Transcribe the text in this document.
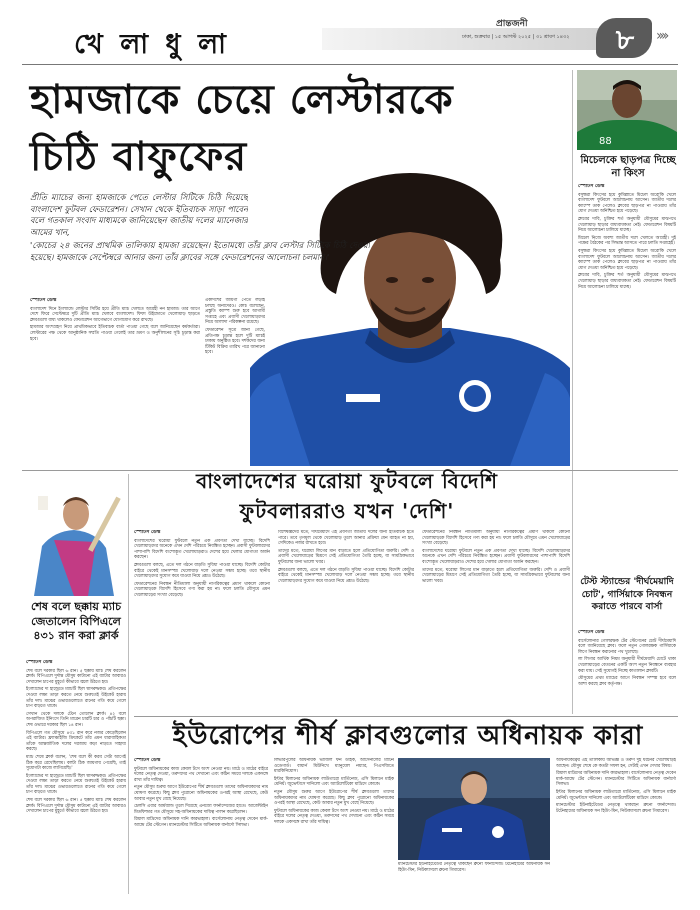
খে লা ধু লা
প্রান্তজনী
ঢাকা, শুক্রবার | ১৫ আগস্ট ২০২৫ | ৩১ শ্রাবণ ১৪৩২ ৮	››››
হামজাকে চেয়ে লেস্টারকে
চিঠি বাফুফের

প্রীতি ম্যাচের জন্য হামজাকে পেতে লেস্টার সিটিকে চিঠি দিয়েছে বাংলাদেশ ফুটবল ফেডারেশন। সেখান থেকে ইতিবাচক সাড়া পাবেন বলে গতকাল সংবাদ মাধ্যমকে জানিয়েছেন জাতীয় দলের ম্যানেজার আমের খান,

'কোচের ২৪ জনের প্রাথমিক তালিকায় হামজা রয়েছেন। ইতোমধ্যে তাঁর ক্লাব লেস্টার সিটিকে চিঠি দেওয়া হয়েছে। হামজাকে সেপ্টেম্বরে আনার জন্য তাঁর ক্লাবের সঙ্গে ফেডারেশনের আলোচনা চলমান।'

স্পোর্টস ডেস্ক

বাংলাদেশ দিনে ইংল্যান্ডে লেস্টার সিটির হয়ে প্রীতি ম্যাচ খেলতে আগ্রহী নন হামজা। তার আগে দেশে ফিরে সেপ্টেম্বরে দুটি প্রীতি ম্যাচ খেলবে বাংলাদেশ। ফিফা উইন্ডোতে খেলোয়াড় ছাড়তে ক্লাবগুলো বাধ্য থাকলেও ফেডারেশন আগেভাগে যোগাযোগ করে রাখছে।

হামজার অংশগ্রহণ নিয়ে প্রাথমিকভাবে ইতিবাচক বার্তা পাওয়া গেছে বলে জানিয়েছেন কর্মকর্তারা। লেস্টারের পক্ষ থেকে আনুষ্ঠানিক সম্মতি পাওয়া গেলেই তার ভ্রমণ ও অনুশীলনের সূচি চূড়ান্ত করা হবে।

একাদশের জায়গা পেতে লড়াই চলছে অন্যদেরও। কোচ বলেছেন, প্রস্তুতি ক্যাম্প শুরু হবে আগামী সপ্তাহে এবং প্রবাসী খেলোয়াড়দের নিয়ে আলাদা পরিকল্পনা রয়েছে।

ফেডারেশন সূত্রে জানা গেছে, প্রতিপক্ষ চূড়ান্ত হলে দুটি ম্যাচই ঢাকায় অনুষ্ঠিত হবে। দর্শকদের জন্য টিকিট বিক্রির তারিখ পরে জানানো হবে।

88
মিচেলকে ছাড়পত্র দিচ্ছে না কিংস
স্পোর্টস ডেস্ক

বসুন্ধরা কিংসের হয়ে কুমিল্লাতে মিচেল অরোকি খেলে বাংলাদেশ ফুটবলে আলোচনায় আসেন। জাতীয় দলের ক্যাম্পে ডাক পেলেও ক্লাবের ছাড়পত্র না পাওয়ায় তাঁর যোগ দেওয়া অনিশ্চিত হয়ে পড়েছে।

ক্লাবের দাবি, চুক্তির শর্ত অনুযায়ী মৌসুমের মাঝপথে খেলোয়াড় ছাড়ার বাধ্যবাধকতা নেই। ফেডারেশন বিষয়টি নিয়ে আলোচনা চালিয়ে যাচ্ছে।

মিচেল নিজে অবশ্য জাতীয় দলে খেলতে আগ্রহী। দুই পক্ষের বৈঠকের পর সিদ্ধান্ত আসতে পারে চলতি সপ্তাহেই।

বসুন্ধরা কিংসের হয়ে কুমিল্লাতে মিচেল অরোকি খেলে বাংলাদেশ ফুটবলে আলোচনায় আসেন। জাতীয় দলের ক্যাম্পে ডাক পেলেও ক্লাবের ছাড়পত্র না পাওয়ায় তাঁর যোগ দেওয়া অনিশ্চিত হয়ে পড়েছে।

ক্লাবের দাবি, চুক্তির শর্ত অনুযায়ী মৌসুমের মাঝপথে খেলোয়াড় ছাড়ার বাধ্যবাধকতা নেই। ফেডারেশন বিষয়টি নিয়ে আলোচনা চালিয়ে যাচ্ছে।

বাংলাদেশের ঘরোয়া ফুটবলে বিদেশি
ফুটবলাররাও যখন 'দেশি'
স্পোর্টস ডেস্ক

বাংলাদেশের ঘরোয়া ফুটবলে নতুন এক প্রবণতা দেখা যাচ্ছে। বিদেশি খেলোয়াড়দের অনেকে এখন দেশি পরিচয়ে নিবন্ধিত হচ্ছেন। প্রবাসী ফুটবলারদের পাশাপাশি বিদেশি বংশোদ্ভূত খেলোয়াড়রাও দেশের হয়ে খেলার যোগ্যতা অর্জন করছেন।

ক্লাবগুলো বলছে, এতে দল গঠনে বাড়তি সুবিধা পাওয়া যাচ্ছে। বিদেশি কোটার বাইরে থেকেই মানসম্পন্ন খেলোয়াড় দলে নেওয়া সম্ভব হচ্ছে। তবে স্থানীয় খেলোয়াড়দের সুযোগ কমে যাওয়া নিয়ে প্রশ্নও উঠেছে।

ফেডারেশনের নিবন্ধন নীতিমালা অনুযায়ী নাগরিকত্বের প্রমাণ থাকলে কোনো খেলোয়াড়কে বিদেশি হিসেবে গণ্য করা হয় না। ফলে চলতি মৌসুমে এমন খেলোয়াড়ের সংখ্যা বেড়েছে।

বিশেষজ্ঞদের মতে, দীর্ঘমেয়াদে এই প্রবণতা জাতীয় দলের জন্য ইতিবাচক হতে পারে। তবে তৃণমূল থেকে খেলোয়াড় তুলে আনার প্রক্রিয়া যেন ব্যাহত না হয়, সেদিকেও নজর রাখতে হবে।

তাদের মতে, ঘরোয়া লিগের মান বাড়াতে হলে প্রতিযোগিতা জরুরি। দেশি ও প্রবাসী খেলোয়াড়ের মিশ্রণে সেই প্রতিযোগিতা তৈরি হচ্ছে, যা সামগ্রিকভাবে ফুটবলের জন্য ভালো খবর।

ক্লাবগুলো বলছে, এতে দল গঠনে বাড়তি সুবিধা পাওয়া যাচ্ছে। বিদেশি কোটার বাইরে থেকেই মানসম্পন্ন খেলোয়াড় দলে নেওয়া সম্ভব হচ্ছে। তবে স্থানীয় খেলোয়াড়দের সুযোগ কমে যাওয়া নিয়ে প্রশ্নও উঠেছে।

ফেডারেশনের নিবন্ধন নীতিমালা অনুযায়ী নাগরিকত্বের প্রমাণ থাকলে কোনো খেলোয়াড়কে বিদেশি হিসেবে গণ্য করা হয় না। ফলে চলতি মৌসুমে এমন খেলোয়াড়ের সংখ্যা বেড়েছে।

বাংলাদেশের ঘরোয়া ফুটবলে নতুন এক প্রবণতা দেখা যাচ্ছে। বিদেশি খেলোয়াড়দের অনেকে এখন দেশি পরিচয়ে নিবন্ধিত হচ্ছেন। প্রবাসী ফুটবলারদের পাশাপাশি বিদেশি বংশোদ্ভূত খেলোয়াড়রাও দেশের হয়ে খেলার যোগ্যতা অর্জন করছেন।

তাদের মতে, ঘরোয়া লিগের মান বাড়াতে হলে প্রতিযোগিতা জরুরি। দেশি ও প্রবাসী খেলোয়াড়ের মিশ্রণে সেই প্রতিযোগিতা তৈরি হচ্ছে, যা সামগ্রিকভাবে ফুটবলের জন্য ভালো খবর।

শেষ বলে ছক্কায় ম্যাচ জেতালেন বিপিএলে ৪৩১ রান করা ক্লার্ক
স্পোর্টস ডেস্ক

শেষ বলে দরকার ছিল ৬ রান। ৫ ছক্কায় ম্যাচ শেষ করলেন ক্লার্ক। বিপিএলে দুর্দান্ত মৌসুম কাটানো এই ব্যাটার আবারও দেখালেন চাপের মুহূর্তে কীভাবে জ্বলে উঠতে হয়।

ইংল্যান্ডের দ্য হান্ড্রেডে ম্যাচটি ছিল শ্বাসরুদ্ধকর। প্রতিপক্ষের দেওয়া লক্ষ্য তাড়া করতে নেমে শুরুতেই উইকেট হারায় তাঁর দল। মাঝের ওভারগুলোতে রানের গতি কমে গেলে চাপ বাড়তে থাকে।

সেখান থেকে দলকে টেনে তোলেন ক্লার্ক। ৪২ বলে অপরাজিত ইনিংসে তিনি মারেন চারটি চার ও পাঁচটি ছক্কা। শেষ ওভারে দরকার ছিল ১৪ রান।

বিপিএলে গত মৌসুমে ৪৩১ রান করে নজর কেড়েছিলেন এই ব্যাটার। ফ্র্যাঞ্চাইজি ক্রিকেটে তাঁর এমন ধারাবাহিকতা তাঁকে আন্তর্জাতিক দলের দরজায় কড়া নাড়তে সাহায্য করছে।

ম্যাচ শেষে ক্লার্ক বলেন, 'শেষ বলে কী করব সেটা আগেই ঠিক করে রেখেছিলাম। বলটা ঠিক জায়গায় পেয়েছি, তাই সুযোগটা কাজে লাগিয়েছি।'

ইংল্যান্ডের দ্য হান্ড্রেডে ম্যাচটি ছিল শ্বাসরুদ্ধকর। প্রতিপক্ষের দেওয়া লক্ষ্য তাড়া করতে নেমে শুরুতেই উইকেট হারায় তাঁর দল। মাঝের ওভারগুলোতে রানের গতি কমে গেলে চাপ বাড়তে থাকে।

শেষ বলে দরকার ছিল ৬ রান। ৫ ছক্কায় ম্যাচ শেষ করলেন ক্লার্ক। বিপিএলে দুর্দান্ত মৌসুম কাটানো এই ব্যাটার আবারও দেখালেন চাপের মুহূর্তে কীভাবে জ্বলে উঠতে হয়।

টেস্ট স্ট্যান্ডের 'দীর্ঘমেয়াদি চোট', গার্সিয়াকে নিবন্ধন করাতে পারবে বার্সা
স্পোর্টস ডেস্ক

বার্সেলোনার গোলরক্ষক টের স্টেগেনের চোট দীর্ঘমেয়াদি বলে জানিয়েছে ক্লাব। ফলে নতুন গোলরক্ষক গার্সিয়াকে লিগে নিবন্ধন করানোর পথ খুলেছে।

লা লিগার আর্থিক নিয়ম অনুযায়ী দীর্ঘমেয়াদি চোটে থাকা খেলোয়াড়ের বেতনের একটি অংশ নতুন নিবন্ধনে ব্যবহার করা যায়। সেই সুযোগই নিচ্ছে কাতালান ক্লাবটি।

মৌসুমের প্রথম ম্যাচের আগে নিবন্ধন সম্পন্ন হবে বলে আশা করছে ক্লাব কর্তৃপক্ষ।

ইউরোপের শীর্ষ ক্লাবগুলোর অধিনায়ক কারা
স্পোর্টস ডেস্ক

ফুটবলে অধিনায়কের কাজ কেবল টসে অংশ নেওয়া নয়। মাঠে ও মাঠের বাইরে দলের নেতৃত্ব দেওয়া, তরুণদের পথ দেখানো এবং কঠিন সময়ে দলকে একসঙ্গে রাখা তাঁর দায়িত্ব।

নতুন মৌসুম শুরুর আগে ইউরোপের শীর্ষ ক্লাবগুলো তাদের অধিনায়কদের নাম ঘোষণা করেছে। কিছু ক্লাব পুরোনো অধিনায়কের ওপরই আস্থা রেখেছে, কেউ আবার নতুন মুখ বেছে নিয়েছে।

চেলসি এবার আর্মব্যান্ড তুলে দিয়েছে এনজো ফার্নান্দেজের হাতে। আর্জেন্টাইন মিডফিল্ডার গত মৌসুমে সহ-অধিনায়কের দায়িত্ব পালন করেছিলেন।

রিয়াল মাদ্রিদের অধিনায়ক দানি কারভাহাল। বার্সেলোনায় নেতৃত্ব দেবেন মার্ক-আন্দ্রে টের স্টেগেন। ম্যানচেস্টার সিটিতে অধিনায়ক বার্নার্দো সিলভা।

লিভারপুলের অধিনায়ক ভার্জিল ফন ডাইক, আর্সেনালের মার্টিন ওডেগার্ড। বায়ার্ন মিউনিখে ম্যানুয়েল নয়্যার, পিএসজিতে মারকিনিয়োস।

ইন্টার মিলানের অধিনায়ক লাউতারো মার্তিনেজ, এসি মিলানে মাইক মেনিয়ঁ। জুভেন্টাসে দানিলো এবং অ্যাটলেটিকো মাদ্রিদে কোকে।

নতুন মৌসুম শুরুর আগে ইউরোপের শীর্ষ ক্লাবগুলো তাদের অধিনায়কদের নাম ঘোষণা করেছে। কিছু ক্লাব পুরোনো অধিনায়কের ওপরই আস্থা রেখেছে, কেউ আবার নতুন মুখ বেছে নিয়েছে।

ফুটবলে অধিনায়কের কাজ কেবল টসে অংশ নেওয়া নয়। মাঠে ও মাঠের বাইরে দলের নেতৃত্ব দেওয়া, তরুণদের পথ দেখানো এবং কঠিন সময়ে দলকে একসঙ্গে রাখা তাঁর দায়িত্ব।

ম্যানচেস্টার ইউনাইটেডের নেতৃত্বে থাকছেন ব্রুনো ফার্নান্দেজ। টটেনহামের অধিনায়ক সন হিউং-মিন, নিউক্যাসলে ব্রুনো গিমারেস।

অধিনায়কত্বের এই তালিকায় অভিজ্ঞ ও তরুণ দুই ধরনের খেলোয়াড়ই আছেন। মৌসুম শেষে কে কতটা সফল হন, সেটাই এখন দেখার বিষয়।

রিয়াল মাদ্রিদের অধিনায়ক দানি কারভাহাল। বার্সেলোনায় নেতৃত্ব দেবেন মার্ক-আন্দ্রে টের স্টেগেন। ম্যানচেস্টার সিটিতে অধিনায়ক বার্নার্দো সিলভা।

ইন্টার মিলানের অধিনায়ক লাউতারো মার্তিনেজ, এসি মিলানে মাইক মেনিয়ঁ। জুভেন্টাসে দানিলো এবং অ্যাটলেটিকো মাদ্রিদে কোকে।

ম্যানচেস্টার ইউনাইটেডের নেতৃত্বে থাকছেন ব্রুনো ফার্নান্দেজ। টটেনহামের অধিনায়ক সন হিউং-মিন, নিউক্যাসলে ব্রুনো গিমারেস।
